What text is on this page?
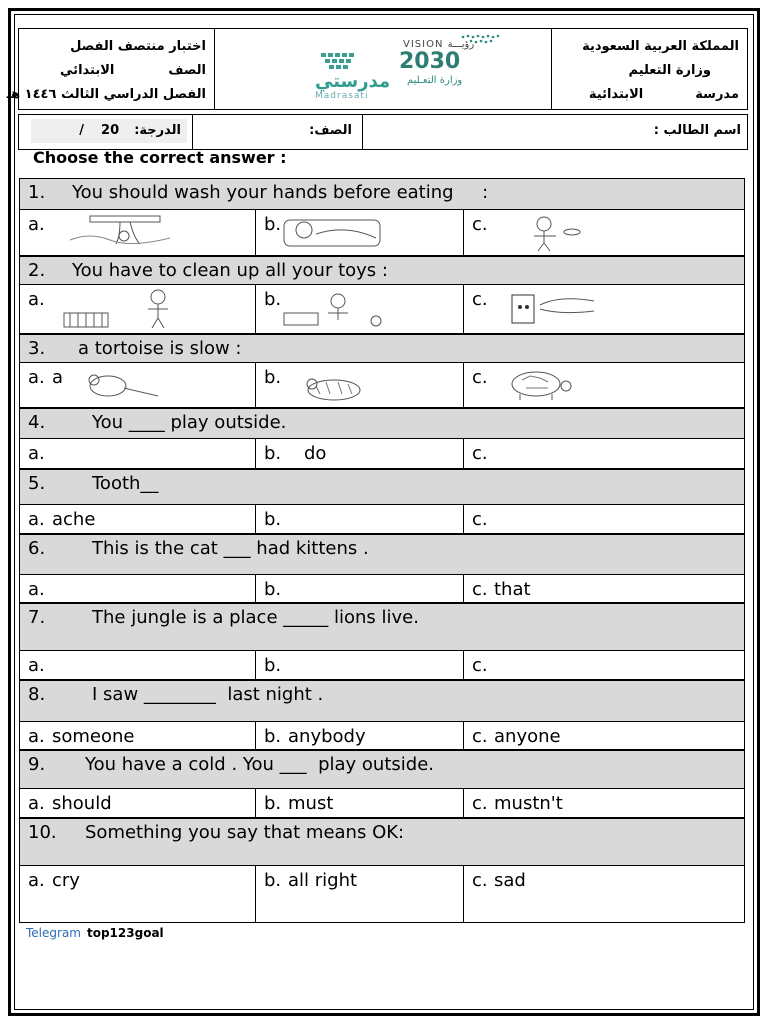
اختبار منتصف الفصل
الصفالابتدائي
الفصل الدراسي الثالث ١٤٤٦ هـ
مدرستي
Madrasati
VISION رؤيـــة
2030
وزارة التعـليم
المملكة العربية السعودية
وزارة التعليم
مدرسةالابتدائية
الدرجة:  20  /	الصف:	اسم الطالب :
Choose the correct answer :
1. You should wash your hands before eating     :
a.	b.	c.
2. You have to clean up all your toys :
a.	b.	c.
3. a tortoise is slow :
a. a	b.	c.
4.	You ____ play outside.
a.	b. do	c.
5.	Tooth__
a. ache	b.	c.
6.	This is the cat ___ had kittens .
a.	b.	c. that
7.	The jungle is a place _____ lions live.
a.	b.	c.
8.	I saw ________  last night .
a. someone	b. anybody	c. anyone
9. You have a cold . You ___  play outside.
a. should	b. must	c. mustn't
10. Something you say that means OK:
a. cry	b. all right	c. sad
Telegram top123goal
